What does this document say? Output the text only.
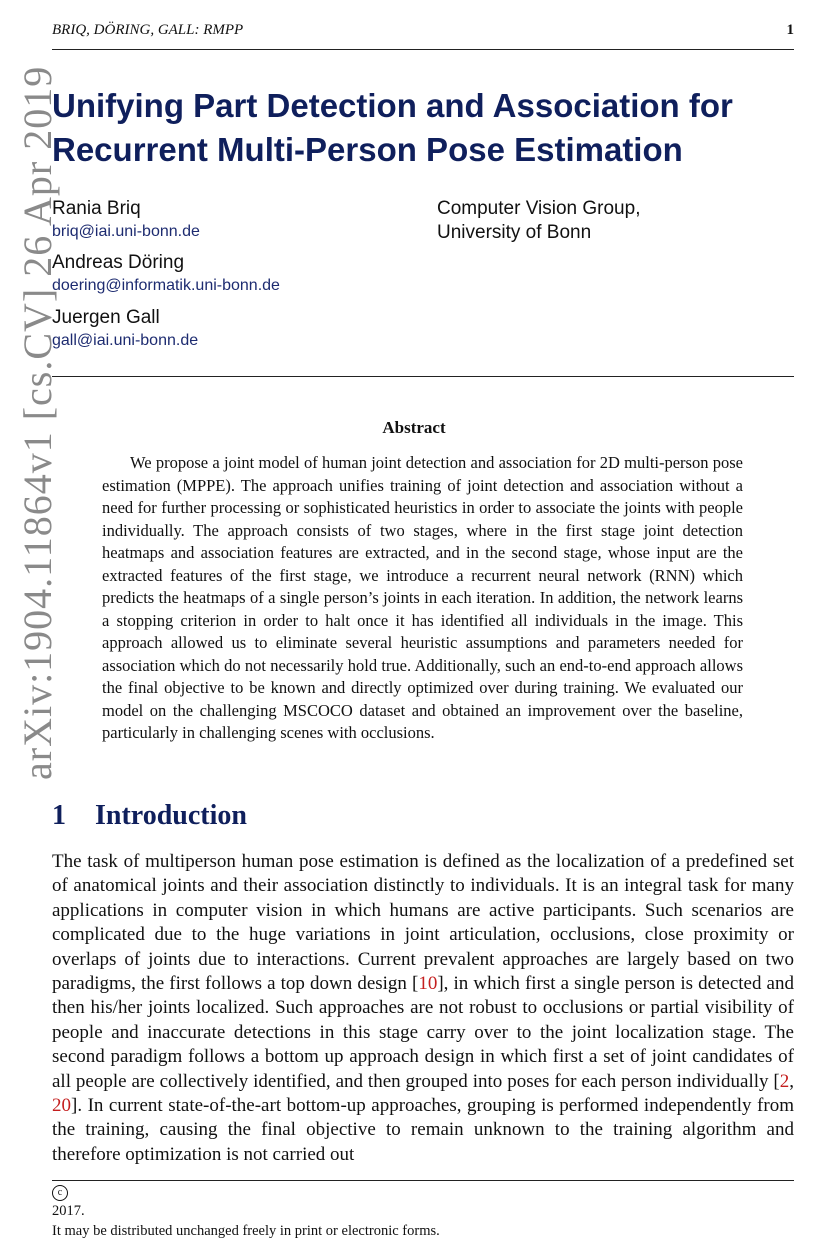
BRIQ, DÖRING, GALL: RMPP	1
arXiv:1904.11864v1 [cs.CV] 26 Apr 2019
Unifying Part Detection and Association for
Recurrent Multi-Person Pose Estimation
Rania Briq
briq@iai.uni-bonn.de
Andreas Döring
doering@informatik.uni-bonn.de
Juergen Gall
gall@iai.uni-bonn.de
Computer Vision Group,
University of Bonn
Abstract

We propose a joint model of human joint detection and association for 2D multi-person pose estimation (MPPE). The approach unifies training of joint detection and association without a need for further processing or sophisticated heuristics in order to associate the joints with people individually. The approach consists of two stages, where in the first stage joint detection heatmaps and association features are extracted, and in the second stage, whose input are the extracted features of the first stage, we introduce a recurrent neural network (RNN) which predicts the heatmaps of a single person’s joints in each iteration. In addition, the network learns a stopping criterion in order to halt once it has identified all individuals in the image. This approach allowed us to eliminate several heuristic assumptions and parameters needed for association which do not necessarily hold true. Additionally, such an end-to-end approach allows the final objective to be known and directly optimized over during training. We evaluated our model on the challenging MSCOCO dataset and obtained an improvement over the baseline, particularly in challenging scenes with occlusions.

1 Introduction

The task of multiperson human pose estimation is defined as the localization of a predefined set of anatomical joints and their association distinctly to individuals. It is an integral task for many applications in computer vision in which humans are active participants. Such scenarios are complicated due to the huge variations in joint articulation, occlusions, close proximity or overlaps of joints due to interactions. Current prevalent approaches are largely based on two paradigms, the first follows a top down design [10], in which first a single person is detected and then his/her joints localized. Such approaches are not robust to occlusions or partial visibility of people and inaccurate detections in this stage carry over to the joint localization stage. The second paradigm follows a bottom up approach design in which first a set of joint candidates of all people are collectively identified, and then grouped into poses for each person individually [2, 20]. In current state-of-the-art bottom-up approaches, grouping is performed independently from the training, causing the final objective to remain unknown to the training algorithm and therefore optimization is not carried out

c
2017.
It may be distributed unchanged freely in print or electronic forms.
